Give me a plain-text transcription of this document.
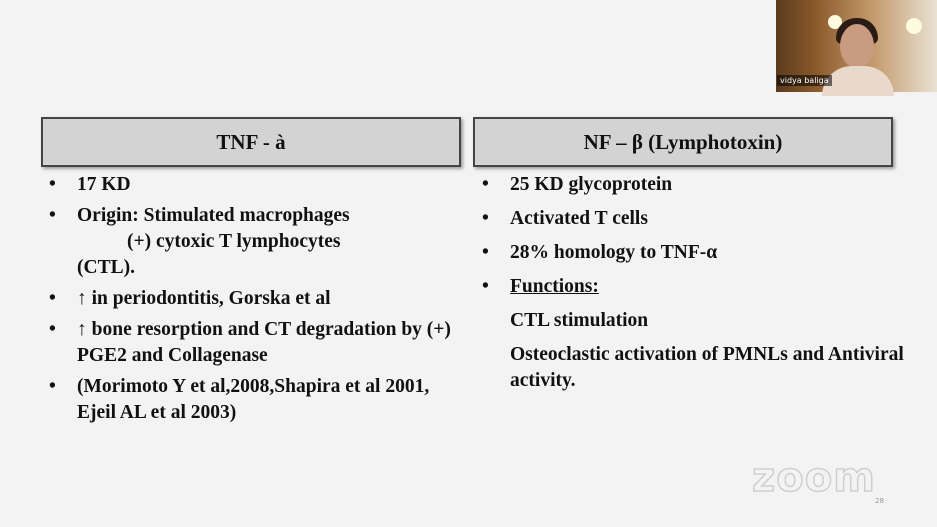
TNF - à	NF – β (Lymphotoxin)
• 17 KD
• Origin: Stimulated macrophages
(+) cytoxic T lymphocytes
(CTL).
• ↑ in periodontitis, Gorska et al
• ↑ bone resorption and CT degradation by (+) PGE2 and Collagenase
• (Morimoto Y et al,2008,Shapira et al 2001, Ejeil AL et al 2003)
• 25 KD glycoprotein
• Activated T cells
• 28% homology to TNF-α
• Functions:
CTL stimulation
Osteoclastic activation of PMNLs and Antiviral activity.
28
vidya baliga
zoom
